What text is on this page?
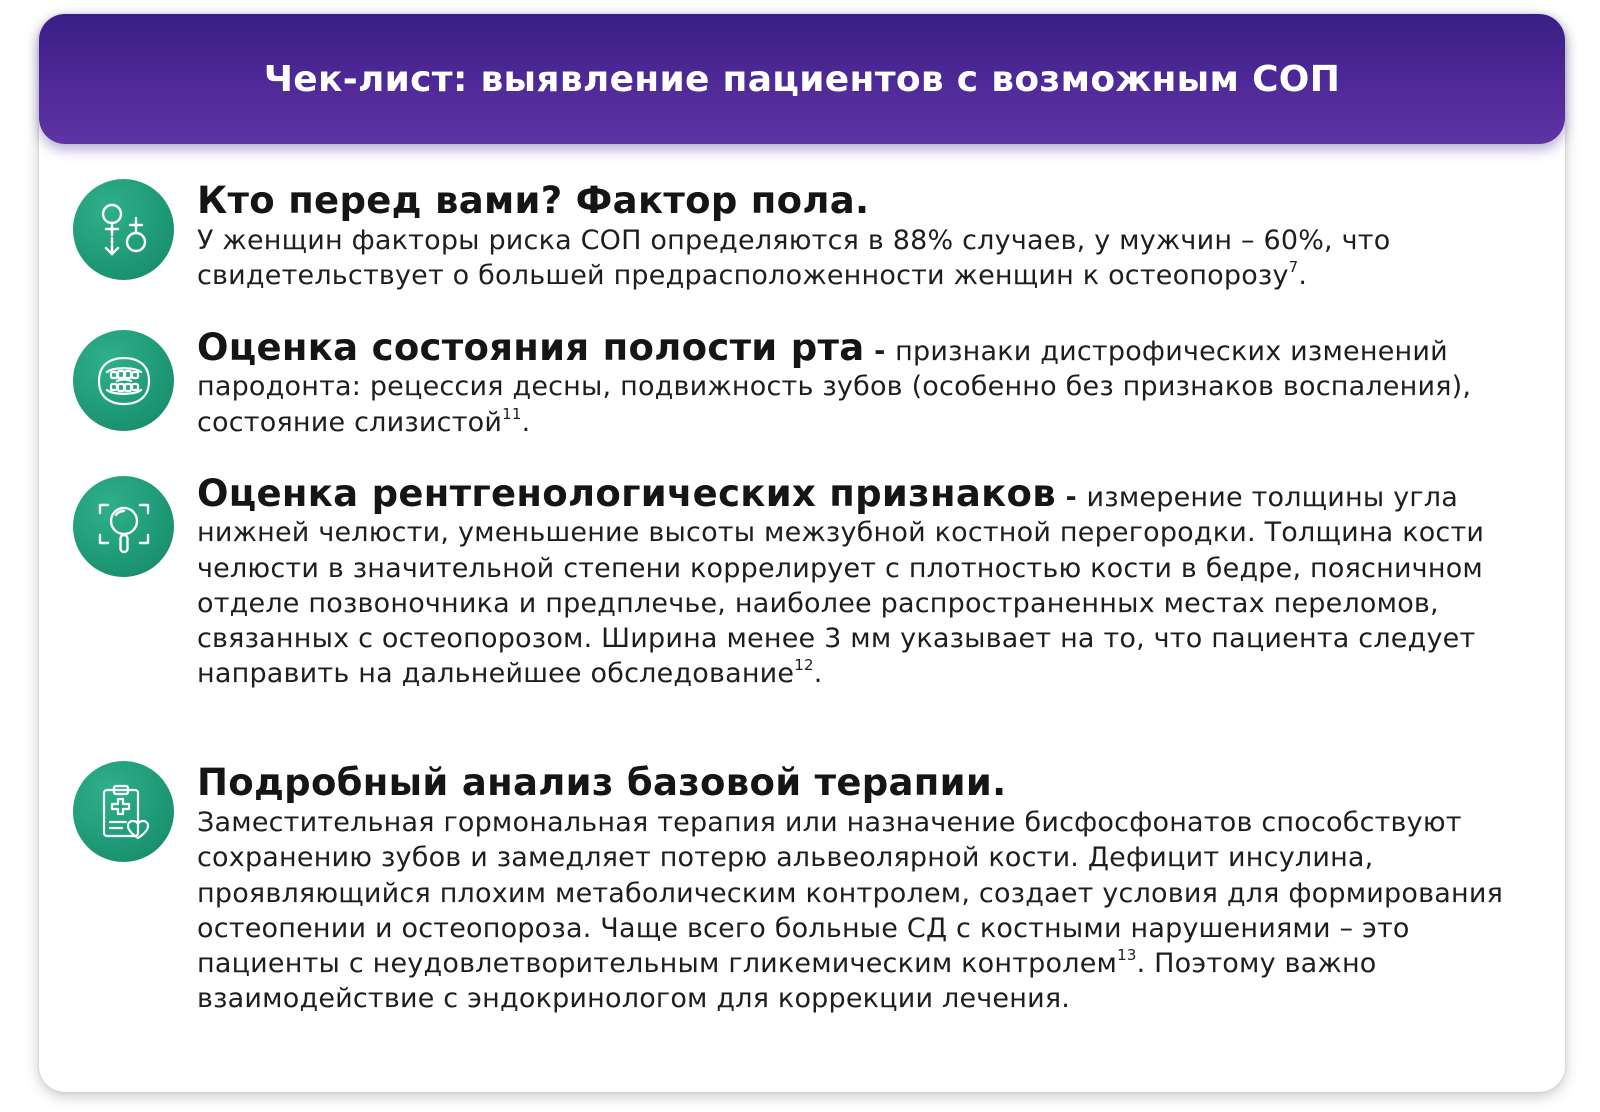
Чек-лист: выявление пациентов с возможным СОП
Кто перед вами? Фактор пола.
У женщин факторы риска СОП определяются в 88% случаев, у мужчин – 60%, что свидетельствует о большей предрасположенности женщин к остеопорозу$^7$.
Оценка состояния полости рта - признаки дистрофических изменений пародонта: рецессия десны, подвижность зубов (особенно без признаков воспаления), состояние слизистой$^{11}$.
Оценка рентгенологических признаков - измерение толщины угла нижней челюсти, уменьшение высоты межзубной костной перегородки. Толщина кости челюсти в значительной степени коррелирует с плотностью кости в бедре, поясничном отделе позвоночника и предплечье, наиболее распространенных местах переломов, связанных с остеопорозом. Ширина менее 3 мм указывает на то, что пациента следует направить на дальнейшее обследование$^{12}$.
Подробный анализ базовой терапии.
Заместительная гормональная терапия или назначение бисфосфонатов способствуют сохранению зубов и замедляет потерю альвеолярной кости. Дефицит инсулина, проявляющийся плохим метаболическим контролем, создает условия для формирования остеопении и остеопороза. Чаще всего больные СД с костными нарушениями – это пациенты с неудовлетворительным гликемическим контролем$^{13}$. Поэтому важно взаимодействие с эндокринологом для коррекции лечения.
